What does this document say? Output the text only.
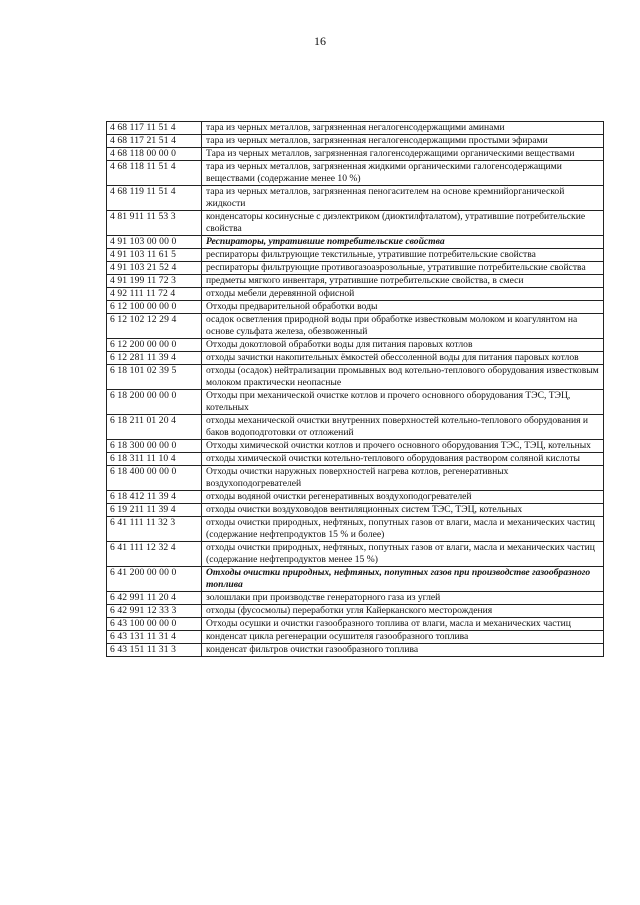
16
4 68 117 11 51 4	тара из черных металлов, загрязненная негалогенсодержащими аминами
4 68 117 21 51 4	тара из черных металлов, загрязненная негалогенсодержащими простыми эфирами
4 68 118 00 00 0	Тара из черных металлов, загрязненная галогенсодержащими органическими веществами
4 68 118 11 51 4	тара из черных металлов, загрязненная жидкими органическими галогенсодержащими веществами (содержание менее 10 %)
4 68 119 11 51 4	тара из черных металлов, загрязненная пеногасителем на основе кремнийорганической жидкости
4 81 911 11 53 3	конденсаторы косинусные с диэлектриком (диоктилфталатом), утратившие потребительские свойства
4 91 103 00 00 0	Респираторы, утратившие потребительские свойства
4 91 103 11 61 5	респираторы фильтрующие текстильные, утратившие потребительские свойства
4 91 103 21 52 4	респираторы фильтрующие противогазоаэрозольные, утратившие потребительские свойства
4 91 199 11 72 3	предметы мягкого инвентаря, утратившие потребительские свойства, в смеси
4 92 111 11 72 4	отходы мебели деревянной офисной
6 12 100 00 00 0	Отходы предварительной обработки воды
6 12 102 12 29 4	осадок осветления природной воды при обработке известковым молоком и коагулянтом на основе сульфата железа, обезвоженный
6 12 200 00 00 0	Отходы докотловой обработки воды для питания паровых котлов
6 12 281 11 39 4	отходы зачистки накопительных ёмкостей обессоленной воды для питания паровых котлов
6 18 101 02 39 5	отходы (осадок) нейтрализации промывных вод котельно-теплового оборудования известковым молоком практически неопасные
6 18 200 00 00 0	Отходы при механической очистке котлов и прочего основного оборудования ТЭС, ТЭЦ, котельных
6 18 211 01 20 4	отходы механической очистки внутренних поверхностей котельно-теплового оборудования и баков водоподготовки от отложений
6 18 300 00 00 0	Отходы химической очистки котлов и прочего основного оборудования ТЭС, ТЭЦ, котельных
6 18 311 11 10 4	отходы химической очистки котельно-теплового оборудования раствором соляной кислоты
6 18 400 00 00 0	Отходы очистки наружных поверхностей нагрева котлов, регенеративных воздухоподогревателей
6 18 412 11 39 4	отходы водяной очистки регенеративных воздухоподогревателей
6 19 211 11 39 4	отходы очистки воздуховодов вентиляционных систем ТЭС, ТЭЦ, котельных
6 41 111 11 32 3	отходы очистки природных, нефтяных, попутных газов от влаги, масла и механических частиц (содержание нефтепродуктов 15 % и более)
6 41 111 12 32 4	отходы очистки природных, нефтяных, попутных газов от влаги, масла и механических частиц (содержание нефтепродуктов менее 15 %)
6 41 200 00 00 0	Отходы очистки природных, нефтяных, попутных газов при производстве газообразного топлива
6 42 991 11 20 4	золошлаки при производстве генераторного газа из углей
6 42 991 12 33 3	отходы (фусосмолы) переработки угля Кайерканского месторождения
6 43 100 00 00 0	Отходы осушки и очистки газообразного топлива от влаги, масла и механических частиц
6 43 131 11 31 4	конденсат цикла регенерации осушителя газообразного топлива
6 43 151 11 31 3	конденсат фильтров очистки газообразного топлива
